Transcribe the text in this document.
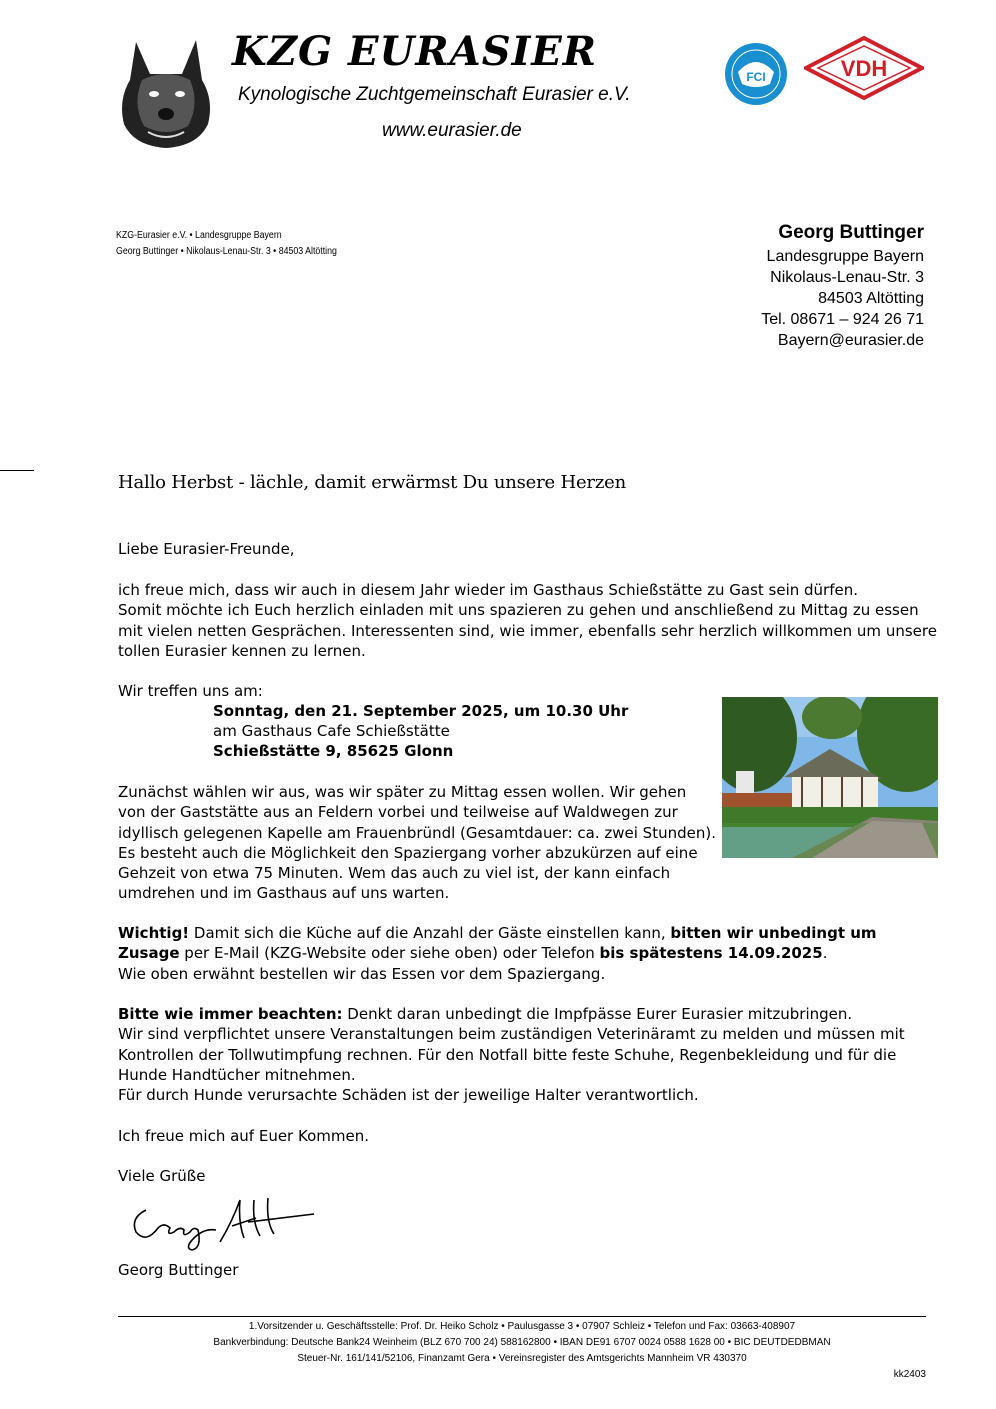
KZG EURASIER
Kynologische Zuchtgemeinschaft Eurasier e.V.
www.eurasier.de
FCI	VDH
KZG-Eurasier e.V. • Landesgruppe Bayern
Georg Buttinger • Nikolaus-Lenau-Str. 3 • 84503 Altötting
Georg Buttinger
Landesgruppe Bayern
Nikolaus-Lenau-Str. 3
84503 Altötting
Tel. 08671 – 924 26 71
Bayern@eurasier.de
Hallo Herbst - lächle, damit erwärmst Du unsere Herzen
Liebe Eurasier-Freunde,
ich freue mich, dass wir auch in diesem Jahr wieder im Gasthaus Schießstätte zu Gast sein dürfen.
Somit möchte ich Euch herzlich einladen mit uns spazieren zu gehen und anschließend zu Mittag zu essen
mit vielen netten Gesprächen. Interessenten sind, wie immer, ebenfalls sehr herzlich willkommen um unsere
tollen Eurasier kennen zu lernen.
Wir treffen uns am:
Sonntag, den 21. September 2025, um 10.30 Uhr
am Gasthaus Cafe Schießstätte
Schießstätte 9, 85625 Glonn
Zunächst wählen wir aus, was wir später zu Mittag essen wollen. Wir gehen
von der Gaststätte aus an Feldern vorbei und teilweise auf Waldwegen zur
idyllisch gelegenen Kapelle am Frauenbründl (Gesamtdauer: ca. zwei Stunden).
Es besteht auch die Möglichkeit den Spaziergang vorher abzukürzen auf eine
Gehzeit von etwa 75 Minuten. Wem das auch zu viel ist, der kann einfach
umdrehen und im Gasthaus auf uns warten.
Wichtig! Damit sich die Küche auf die Anzahl der Gäste einstellen kann, bitten wir unbedingt um
Zusage per E-Mail (KZG-Website oder siehe oben) oder Telefon bis spätestens 14.09.2025.
Wie oben erwähnt bestellen wir das Essen vor dem Spaziergang.
Bitte wie immer beachten: Denkt daran unbedingt die Impfpässe Eurer Eurasier mitzubringen.
Wir sind verpflichtet unsere Veranstaltungen beim zuständigen Veterinäramt zu melden und müssen mit
Kontrollen der Tollwutimpfung rechnen. Für den Notfall bitte feste Schuhe, Regenbekleidung und für die
Hunde Handtücher mitnehmen.
Für durch Hunde verursachte Schäden ist der jeweilige Halter verantwortlich.
Ich freue mich auf Euer Kommen.
Viele Grüße
Georg Buttinger
1.Vorsitzender u. Geschäftsstelle: Prof. Dr. Heiko Scholz • Paulusgasse 3 • 07907 Schleiz • Telefon und Fax: 03663-408907
Bankverbindung: Deutsche Bank24 Weinheim (BLZ 670 700 24) 588162800 • IBAN DE91 6707 0024 0588 1628 00 • BIC DEUTDEDBMAN
Steuer-Nr. 161/141/52106, Finanzamt Gera • Vereinsregister des Amtsgerichts Mannheim VR 430370
kk2403
